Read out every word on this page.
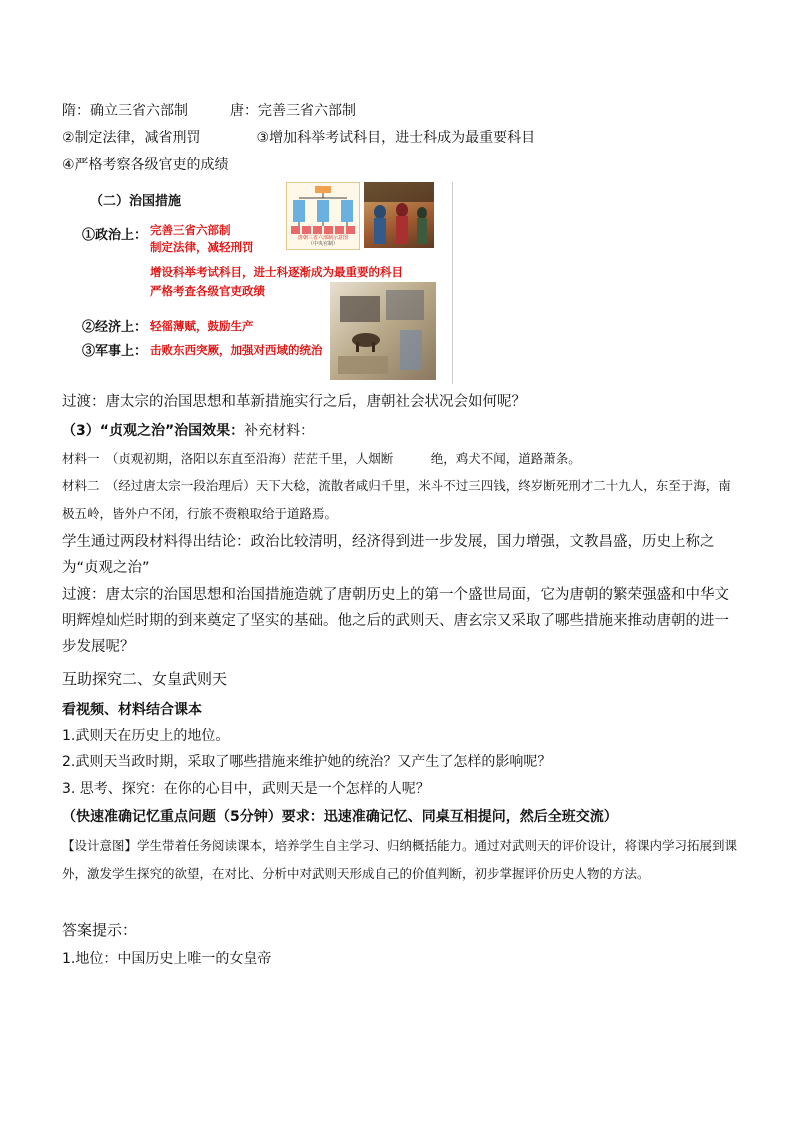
隋：确立三省六部制　　　唐：完善三省六部制
②制定法律，减省刑罚　　　　③增加科举考试科目，进士科成为最重要科目
④严格考察各级官吏的成绩
（二）治国措施
①政治上： 完善三省六部制
制定法律，减轻刑罚
增设科举考试科目，进士科逐渐成为最重要的科目
严格考查各级官吏政绩
②经济上： 轻徭薄赋，鼓励生产
③军事上： 击败东西突厥，加强对西域的统治
唐朝三省六部制示意图
（中央官制）
过渡：唐太宗的治国思想和革新措施实行之后，唐朝社会状况会如何呢？
（3）“贞观之治”治国效果：补充材料：
材料一　（贞观初期，洛阳以东直至沿海）茫茫千里，人烟断　　　绝，鸡犬不闻，道路萧条。
材料二　（经过唐太宗一段治理后）天下大稔，流散者咸归千里，米斗不过三四钱，终岁断死刑才二十九人，东至于海，南极五岭，皆外户不闭，行旅不赍粮取给于道路焉。
学生通过两段材料得出结论：政治比较清明，经济得到进一步发展，国力增强，文教昌盛，历史上称之为“贞观之治”
过渡：唐太宗的治国思想和治国措施造就了唐朝历史上的第一个盛世局面，它为唐朝的繁荣强盛和中华文明辉煌灿烂时期的到来奠定了坚实的基础。他之后的武则天、唐玄宗又采取了哪些措施来推动唐朝的进一步发展呢？
互助探究二、女皇武则天
看视频、材料结合课本
1.武则天在历史上的地位。
2.武则天当政时期，采取了哪些措施来维护她的统治？又产生了怎样的影响呢？
3. 思考、探究：在你的心目中，武则天是一个怎样的人呢？
（快速准确记忆重点问题（5分钟）要求：迅速准确记忆、同桌互相提问，然后全班交流）
【设计意图】学生带着任务阅读课本，培养学生自主学习、归纳概括能力。通过对武则天的评价设计，将课内学习拓展到课外，激发学生探究的欲望，在对比、分析中对武则天形成自己的价值判断，初步掌握评价历史人物的方法。
答案提示：
1.地位：中国历史上唯一的女皇帝
